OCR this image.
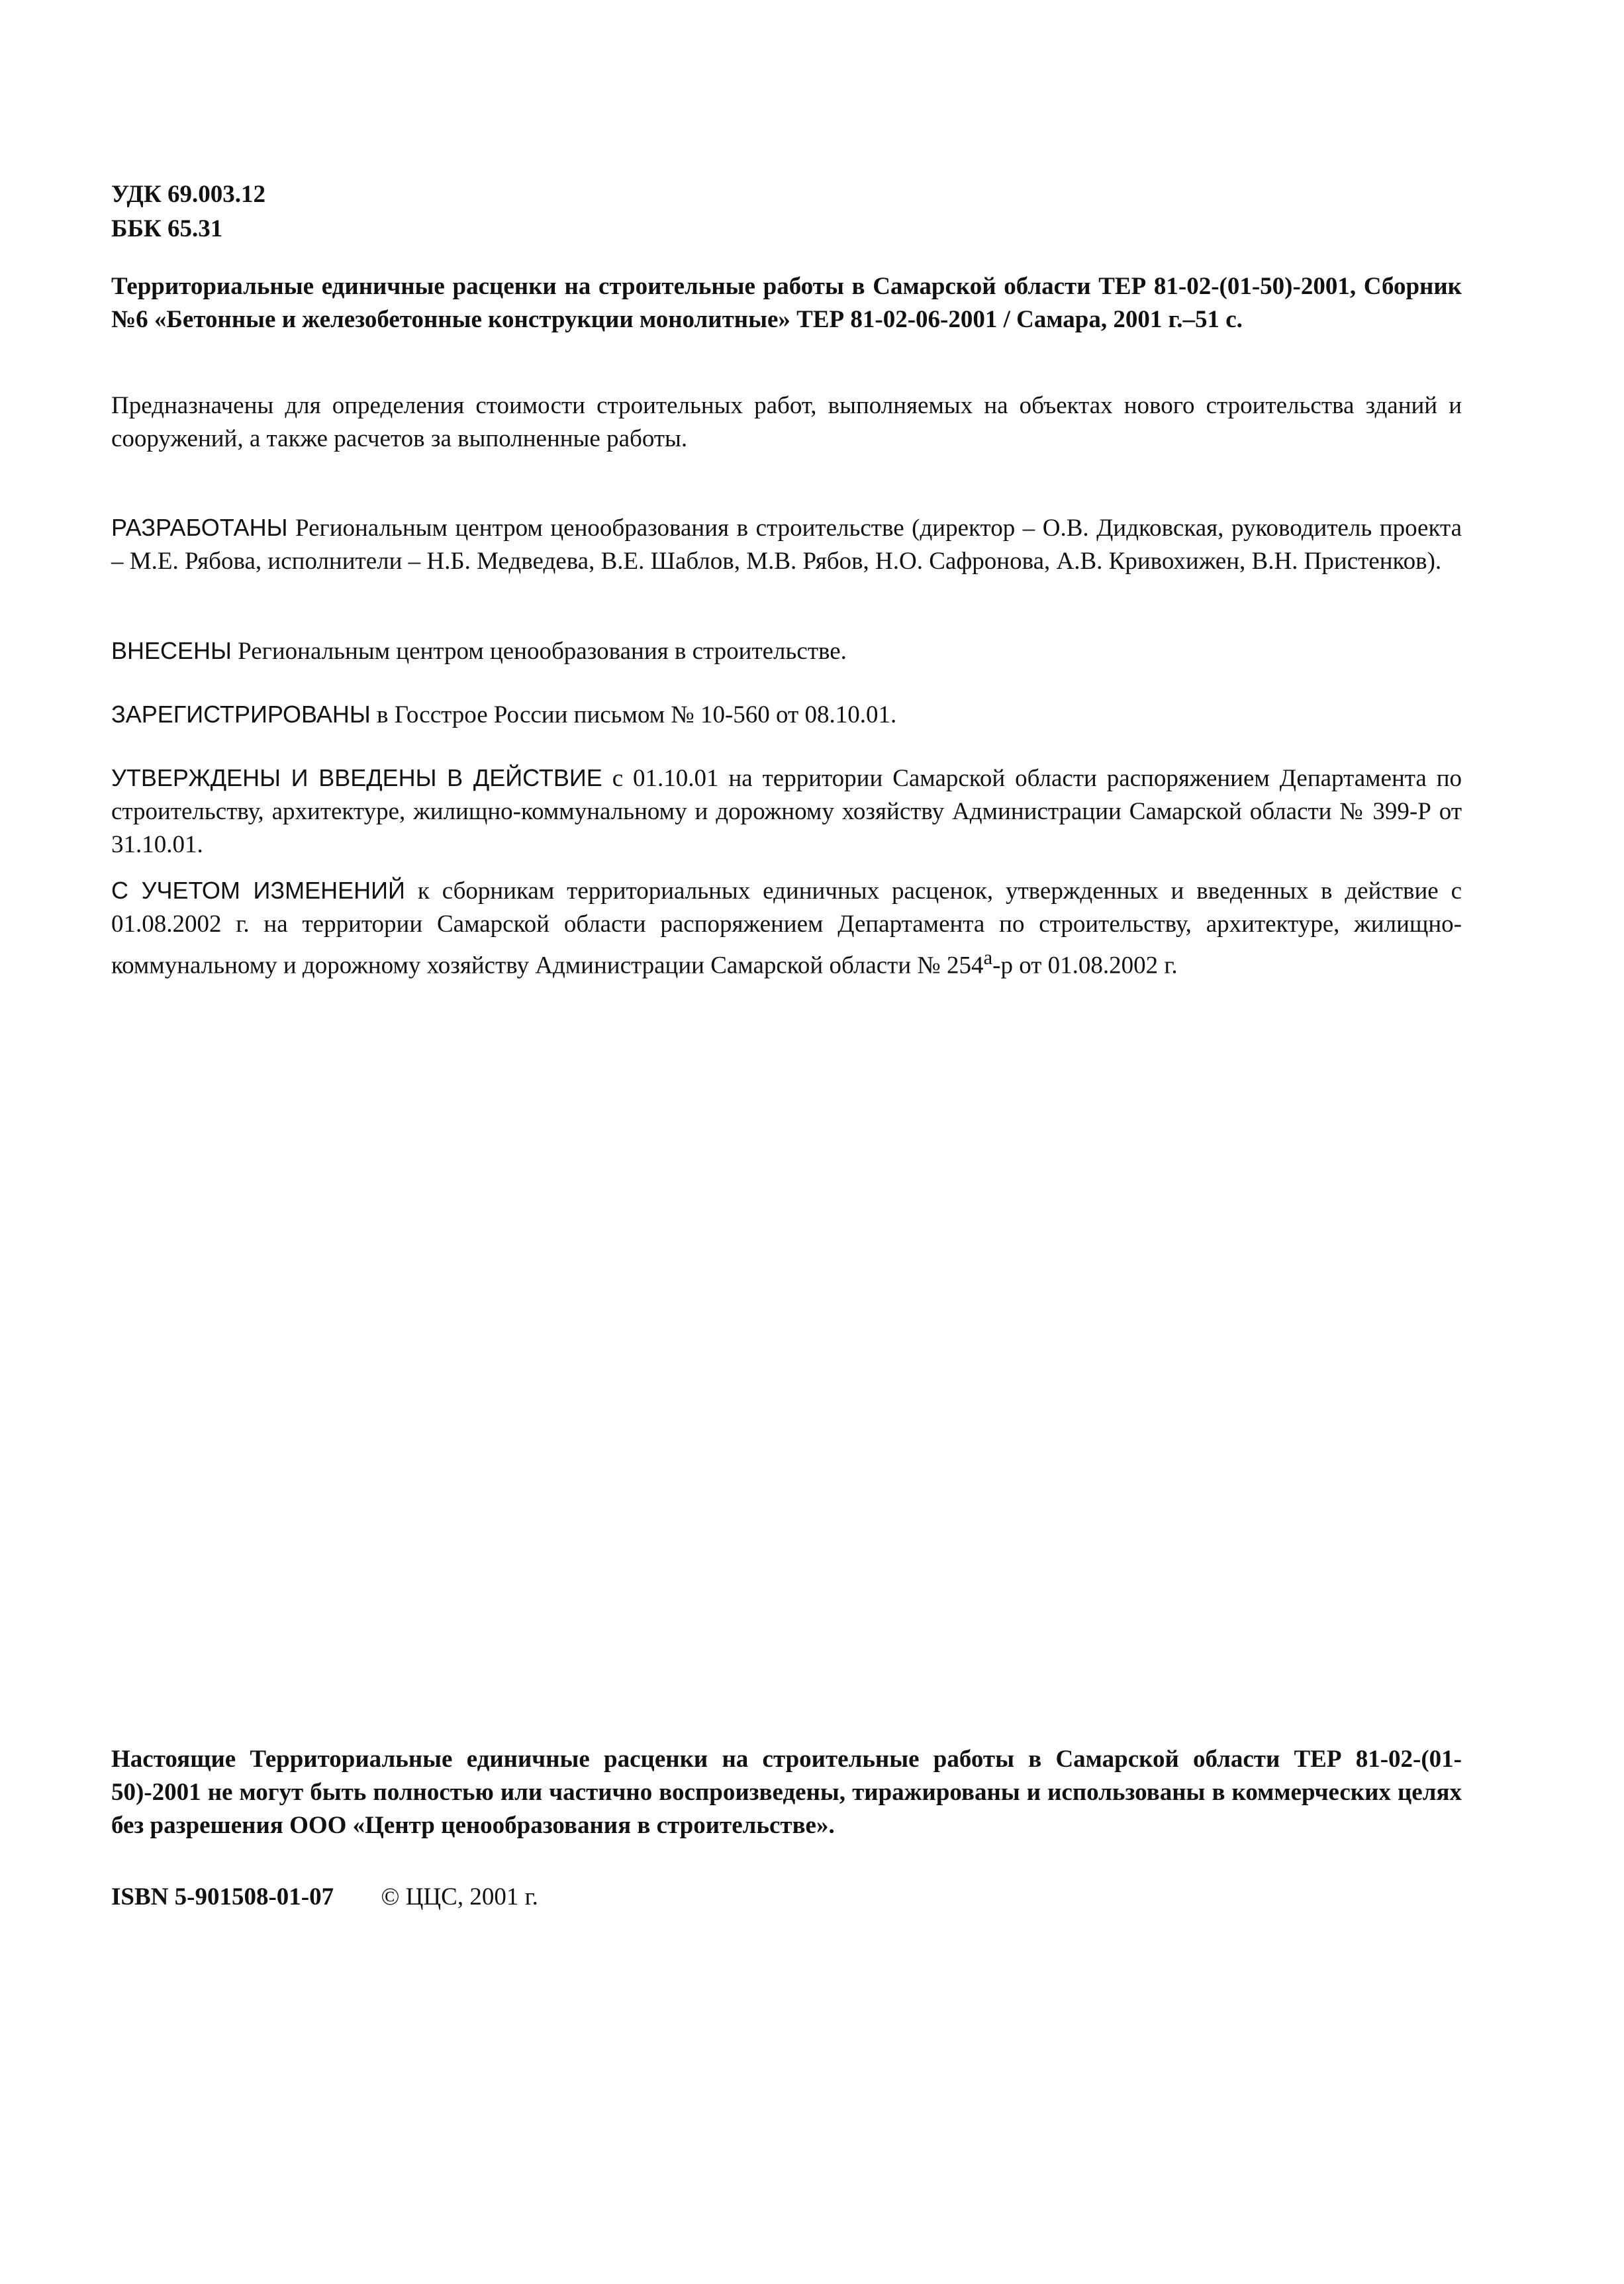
УДК 69.003.12
ББК 65.31
Территориальные единичные расценки на строительные работы в Самарской области ТЕР 81-02-(01-50)-2001, Сборник №6 «Бетонные и железобетонные конструкции монолитные» ТЕР 81-02-06-2001 / Самара, 2001 г.–51 с.
Предназначены для определения стоимости строительных работ, выполняемых на объектах нового строительства зданий и сооружений, а также расчетов за выполненные работы.
РАЗРАБОТАНЫ Региональным центром ценообразования в строительстве (директор – О.В. Дидковская, руководитель проекта – М.Е. Рябова, исполнители – Н.Б. Медведева, В.Е. Шаблов, М.В. Рябов, Н.О. Сафронова, А.В. Кривохижен, В.Н. Пристенков).
ВНЕСЕНЫ Региональным центром ценообразования в строительстве.
ЗАРЕГИСТРИРОВАНЫ в Госстрое России письмом № 10-560 от 08.10.01.
УТВЕРЖДЕНЫ И ВВЕДЕНЫ В ДЕЙСТВИЕ с 01.10.01 на территории Самарской области распоряжением Департамента по строительству, архитектуре, жилищно-коммунальному и дорожному хозяйству Администрации Самарской области № 399-Р от 31.10.01.
С УЧЕТОМ ИЗМЕНЕНИЙ к сборникам территориальных единичных расценок, утвержденных и введенных в действие с 01.08.2002 г. на территории Самарской области распоряжением Департамента по строительству, архитектуре, жилищно-коммунальному и дорожному хозяйству Администрации Самарской области № $254^а-р$ от 01.08.2002 г.
Настоящие Территориальные единичные расценки на строительные работы в Самарской области ТЕР 81-02-(01-50)-2001 не могут быть полностью или частично воспроизведены, тиражированы и использованы в коммерческих целях без разрешения ООО «Центр ценообразования в строительстве».
ISBN 5-901508-01-07 © ЦЦС, 2001 г.
